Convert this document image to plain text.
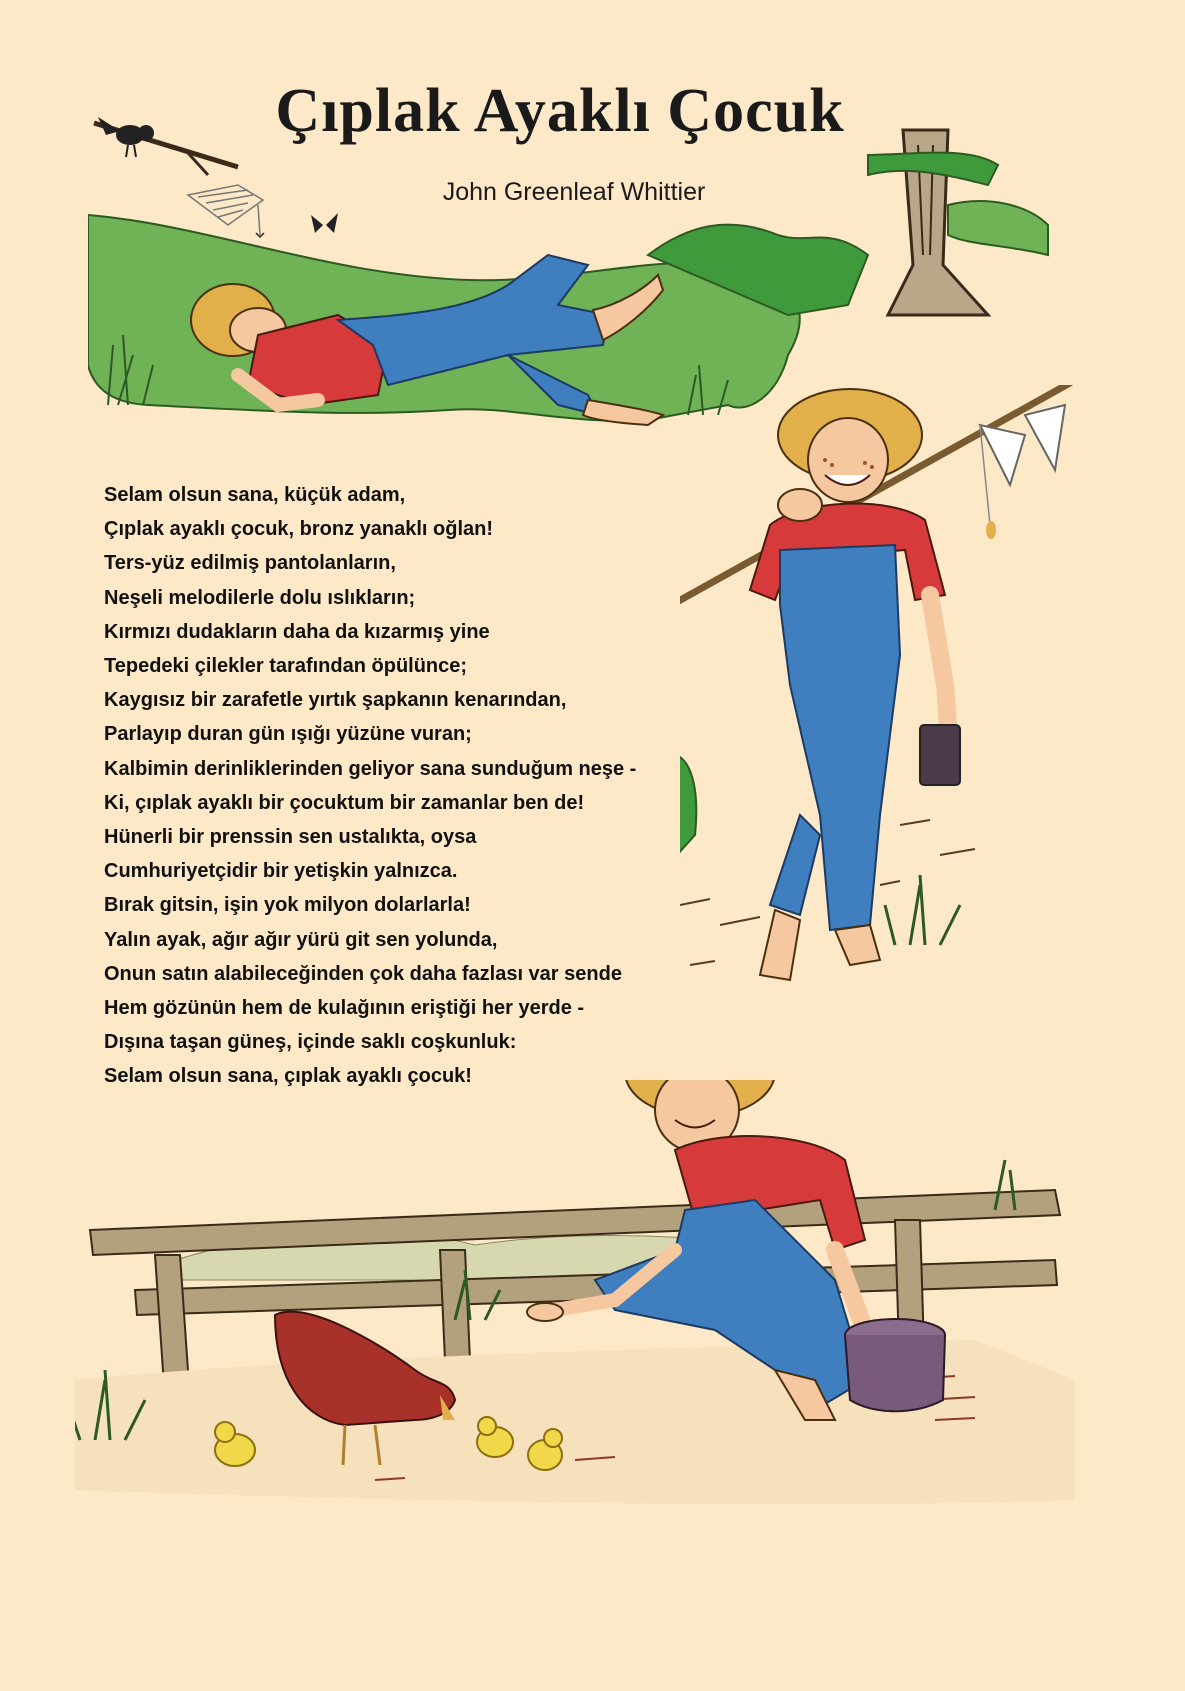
Çıplak Ayaklı Çocuk
John Greenleaf Whittier
Selam olsun sana, küçük adam,
Çıplak ayaklı çocuk, bronz yanaklı oğlan!
Ters-yüz edilmiş pantolanların,
Neşeli melodilerle dolu ıslıkların;
Kırmızı dudakların daha da kızarmış yine
Tepedeki çilekler tarafından öpülünce;
Kaygısız bir zarafetle yırtık şapkanın kenarından,
Parlayıp duran gün ışığı yüzüne vuran;
Kalbimin derinliklerinden geliyor sana sunduğum neşe -
Ki, çıplak ayaklı bir çocuktum bir zamanlar ben de!
Hünerli bir prenssin sen ustalıkta, oysa
Cumhuriyetçidir bir yetişkin yalnızca.
Bırak gitsin, işin yok milyon dolarlarla!
Yalın ayak, ağır ağır yürü git sen yolunda,
Onun satın alabileceğinden çok daha fazlası var sende
Hem gözünün hem de kulağının eriştiği her yerde -
Dışına taşan güneş, içinde saklı coşkunluk:
Selam olsun sana, çıplak ayaklı çocuk!
